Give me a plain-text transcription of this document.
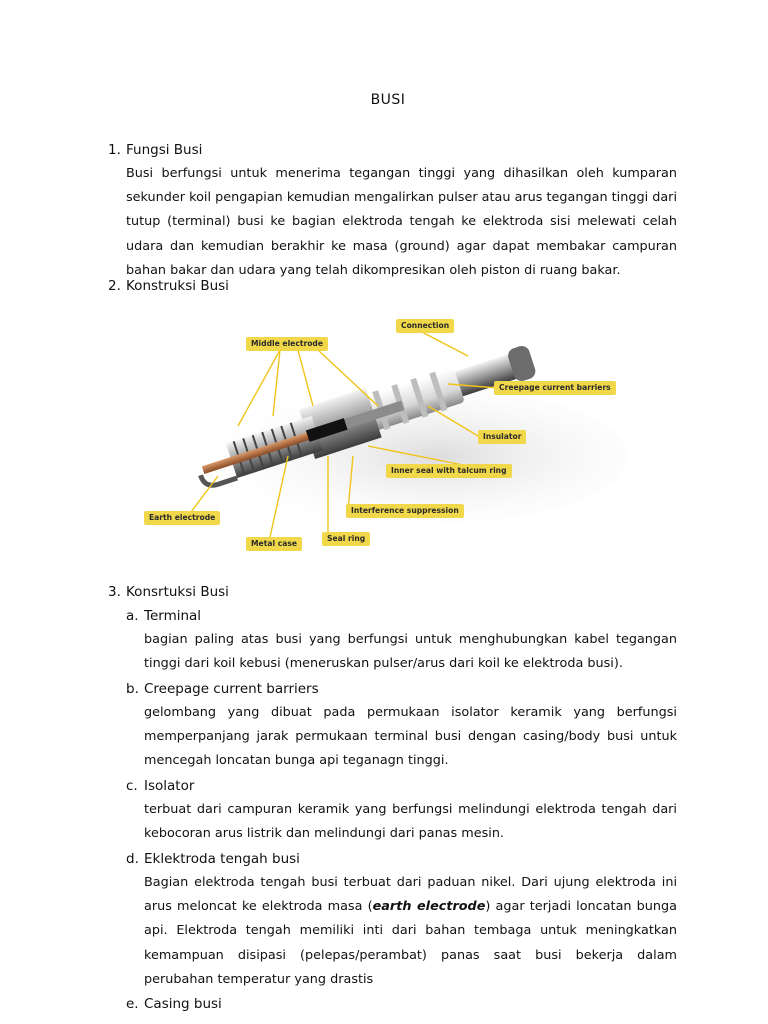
BUSI
1. Fungsi Busi

Busi berfungsi untuk menerima tegangan tinggi yang dihasilkan oleh kumparan sekunder koil pengapian kemudian mengalirkan pulser atau arus tegangan tinggi dari tutup (terminal) busi ke bagian elektroda tengah ke elektroda sisi melewati celah udara dan kemudian berakhir ke masa (ground) agar dapat membakar campuran bahan bakar dan udara yang telah dikompresikan oleh piston di ruang bakar.

2. Konstruksi Busi
Connection
Middle electrode
Creepage current barriers
Insulator
Inner seal with talcum ring
Interference suppression
Earth electrode
Metal case
Seal ring
3. Konsrtuksi Busi
a. Terminal

bagian paling atas busi yang berfungsi untuk menghubungkan kabel tegangan tinggi dari koil kebusi (meneruskan pulser/arus dari koil ke elektroda busi).

b. Creepage current barriers

gelombang yang dibuat pada permukaan isolator keramik yang berfungsi memperpanjang jarak permukaan terminal busi dengan casing/body busi untuk mencegah loncatan bunga api teganagn tinggi.

c. Isolator

terbuat dari campuran keramik yang berfungsi melindungi elektroda tengah dari kebocoran arus listrik dan melindungi dari panas mesin.

d. Eklektroda tengah busi

Bagian elektroda tengah busi terbuat dari paduan nikel. Dari ujung elektroda ini arus meloncat ke elektroda masa (earth electrode) agar terjadi loncatan bunga api. Elektroda tengah memiliki inti dari bahan tembaga untuk meningkatkan kemampuan disipasi (pelepas/perambat) panas saat busi bekerja dalam perubahan temperatur yang drastis

e. Casing busi
